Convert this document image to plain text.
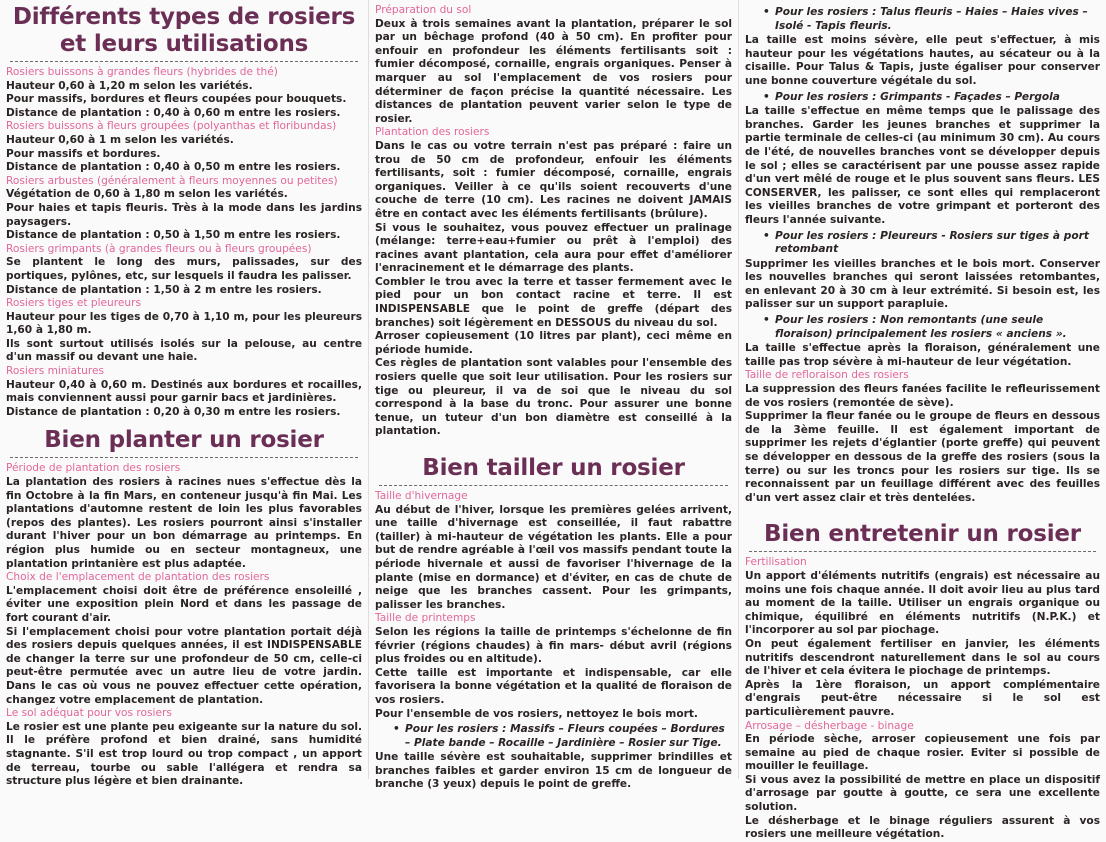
Différents types de rosiers
et leurs utilisations

Rosiers buissons à grandes fleurs (hybrides de thé)

Hauteur 0,60 à 1,20 m selon les variétés.

Pour massifs, bordures et fleurs coupées pour bouquets.

Distance de plantation : 0,40 à 0,60 m entre les rosiers.

Rosiers buissons à fleurs groupées (polyanthas et floribundas)

Hauteur 0,60 à 1 m selon les variétés.

Pour massifs et bordures.

Distance de plantation : 0,40 à 0,50 m entre les rosiers.

Rosiers arbustes (généralement à fleurs moyennes ou petites)

Végétation de 0,60 à 1,80 m selon les variétés.

Pour haies et tapis fleuris. Très à la mode dans les jardins paysagers.

Distance de plantation : 0,50 à 1,50 m entre les rosiers.

Rosiers grimpants (à grandes fleurs ou à fleurs groupées)

Se plantent le long des murs, palissades, sur des portiques, pylônes, etc, sur lesquels il faudra les palisser.

Distance de plantation : 1,50 à 2 m entre les rosiers.

Rosiers tiges et pleureurs

Hauteur pour les tiges de 0,70 à 1,10 m, pour les pleureurs 1,60 à 1,80 m.

Ils sont surtout utilisés isolés sur la pelouse, au centre d'un massif ou devant une haie.

Rosiers miniatures

Hauteur 0,40 à 0,60 m. Destinés aux bordures et rocailles, mais conviennent aussi pour garnir bacs et jardinières.

Distance de plantation : 0,20 à 0,30 m entre les rosiers.

Bien planter un rosier

Période de plantation des rosiers

La plantation des rosiers à racines nues s'effectue dès la fin Octobre à la fin Mars, en conteneur jusqu'à fin Mai. Les plantations d'automne restent de loin les plus favorables (repos des plantes). Les rosiers pourront ainsi s'installer durant l'hiver pour un bon démarrage au printemps. En région plus humide ou en secteur montagneux, une plantation printanière est plus adaptée.

Choix de l'emplacement de plantation des rosiers

L'emplacement choisi doit être de préférence ensoleillé , éviter une exposition plein Nord et dans les passage de fort courant d'air.

Si l'emplacement choisi pour votre plantation portait déjà des rosiers depuis quelques années, il est INDISPENSABLE de changer la terre sur une profondeur de 50 cm, celle-ci peut-être permutée avec un autre lieu de votre jardin. Dans le cas où vous ne pouvez effectuer cette opération, changez votre emplacement de plantation.

Le sol adéquat pour vos rosiers

Le rosier est une plante peu exigeante sur la nature du sol. Il le préfère profond et bien drainé, sans humidité stagnante. S'il est trop lourd ou trop compact , un apport de terreau, tourbe ou sable l'allégera et rendra sa structure plus légère et bien drainante.

Préparation du sol

Deux à trois semaines avant la plantation, préparer le sol par un bêchage profond (40 à 50 cm). En profiter pour enfouir en profondeur les éléments fertilisants soit : fumier décomposé, cornaille, engrais organiques. Penser à marquer au sol l'emplacement de vos rosiers pour déterminer de façon précise la quantité nécessaire. Les distances de plantation peuvent varier selon le type de rosier.

Plantation des rosiers

Dans le cas ou votre terrain n'est pas préparé : faire un trou de 50 cm de profondeur, enfouir les éléments fertilisants, soit : fumier décomposé, cornaille, engrais organiques. Veiller à ce qu'ils soient recouverts d'une couche de terre (10 cm). Les racines ne doivent JAMAIS être en contact avec les éléments fertilisants (brûlure).

Si vous le souhaitez, vous pouvez effectuer un pralinage (mélange: terre+eau+fumier ou prêt à l'emploi) des racines avant plantation, cela aura pour effet d'améliorer l'enracinement et le démarrage des plants.

Combler le trou avec la terre et tasser fermement avec le pied pour un bon contact racine et terre. Il est INDISPENSABLE que le point de greffe (départ des branches) soit légèrement en DESSOUS du niveau du sol.

Arroser copieusement (10 litres par plant), ceci même en période humide.

Ces règles de plantation sont valables pour l'ensemble des rosiers quelle que soit leur utilisation. Pour les rosiers sur tige ou pleureur, il va de soi que le niveau du sol correspond à la base du tronc. Pour assurer une bonne tenue, un tuteur d'un bon diamètre est conseillé à la plantation.

Bien tailler un rosier

Taille d'hivernage

Au début de l'hiver, lorsque les premières gelées arrivent, une taille d'hivernage est conseillée, il faut rabattre (tailler) à mi-hauteur de végétation les plants. Elle a pour but de rendre agréable à l'œil vos massifs pendant toute la période hivernale et aussi de favoriser l'hivernage de la plante (mise en dormance) et d'éviter, en cas de chute de neige que les branches cassent. Pour les grimpants, palisser les branches.

Taille de printemps

Selon les régions la taille de printemps s'échelonne de fin février (régions chaudes) à fin mars- début avril (régions plus froides ou en altitude).

Cette taille est importante et indispensable, car elle favorisera la bonne végétation et la qualité de floraison de vos rosiers.

Pour l'ensemble de vos rosiers, nettoyez le bois mort.

• Pour les rosiers : Massifs – Fleurs coupées – Bordures – Plate bande – Rocaille – Jardinière – Rosier sur Tige.

Une taille sévère est souhaitable, supprimer brindilles et branches faibles et garder environ 15 cm de longueur de branche (3 yeux) depuis le point de greffe.

• Pour les rosiers : Talus fleuris – Haies – Haies vives – Isolé - Tapis fleuris.

La taille est moins sévère, elle peut s'effectuer, à mis hauteur pour les végétations hautes, au sécateur ou à la cisaille. Pour Talus & Tapis, juste égaliser pour conserver une bonne couverture végétale du sol.

• Pour les rosiers : Grimpants - Façades – Pergola

La taille s'effectue en même temps que le palissage des branches. Garder les jeunes branches et supprimer la partie terminale de celles-ci (au minimum 30 cm). Au cours de l'été, de nouvelles branches vont se développer depuis le sol ; elles se caractérisent par une pousse assez rapide d'un vert mêlé de rouge et le plus souvent sans fleurs. LES CONSERVER, les palisser, ce sont elles qui remplaceront les vieilles branches de votre grimpant et porteront des fleurs l'année suivante.

• Pour les rosiers : Pleureurs - Rosiers sur tiges à port retombant

Supprimer les vieilles branches et le bois mort. Conserver les nouvelles branches qui seront laissées retombantes, en enlevant 20 à 30 cm à leur extrémité. Si besoin est, les palisser sur un support parapluie.

• Pour les rosiers : Non remontants (une seule floraison) principalement les rosiers « anciens ».

La taille s'effectue après la floraison, généralement une taille pas trop sévère à mi-hauteur de leur végétation.

Taille de refloraison des rosiers

La suppression des fleurs fanées facilite le refleurissement de vos rosiers (remontée de sève).

Supprimer la fleur fanée ou le groupe de fleurs en dessous de la 3ème feuille. Il est également important de supprimer les rejets d'églantier (porte greffe) qui peuvent se développer en dessous de la greffe des rosiers (sous la terre) ou sur les troncs pour les rosiers sur tige. Ils se reconnaissent par un feuillage différent avec des feuilles d'un vert assez clair et très dentelées.

Bien entretenir un rosier

Fertilisation

Un apport d'éléments nutritifs (engrais) est nécessaire au moins une fois chaque année. Il doit avoir lieu au plus tard au moment de la taille. Utiliser un engrais organique ou chimique, équilibré en éléments nutritifs (N.P.K.) et l'incorporer au sol par piochage.

On peut également fertiliser en janvier, les éléments nutritifs descendront naturellement dans le sol au cours de l'hiver et cela évitera le piochage de printemps.

Après la 1ère floraison, un apport complémentaire d'engrais peut-être nécessaire si le sol est particulièrement pauvre.

Arrosage – désherbage - binage

En période sèche, arroser copieusement une fois par semaine au pied de chaque rosier. Eviter si possible de mouiller le feuillage.

Si vous avez la possibilité de mettre en place un dispositif d'arrosage par goutte à goutte, ce sera une excellente solution.

Le désherbage et le binage réguliers assurent à vos rosiers une meilleure végétation.
